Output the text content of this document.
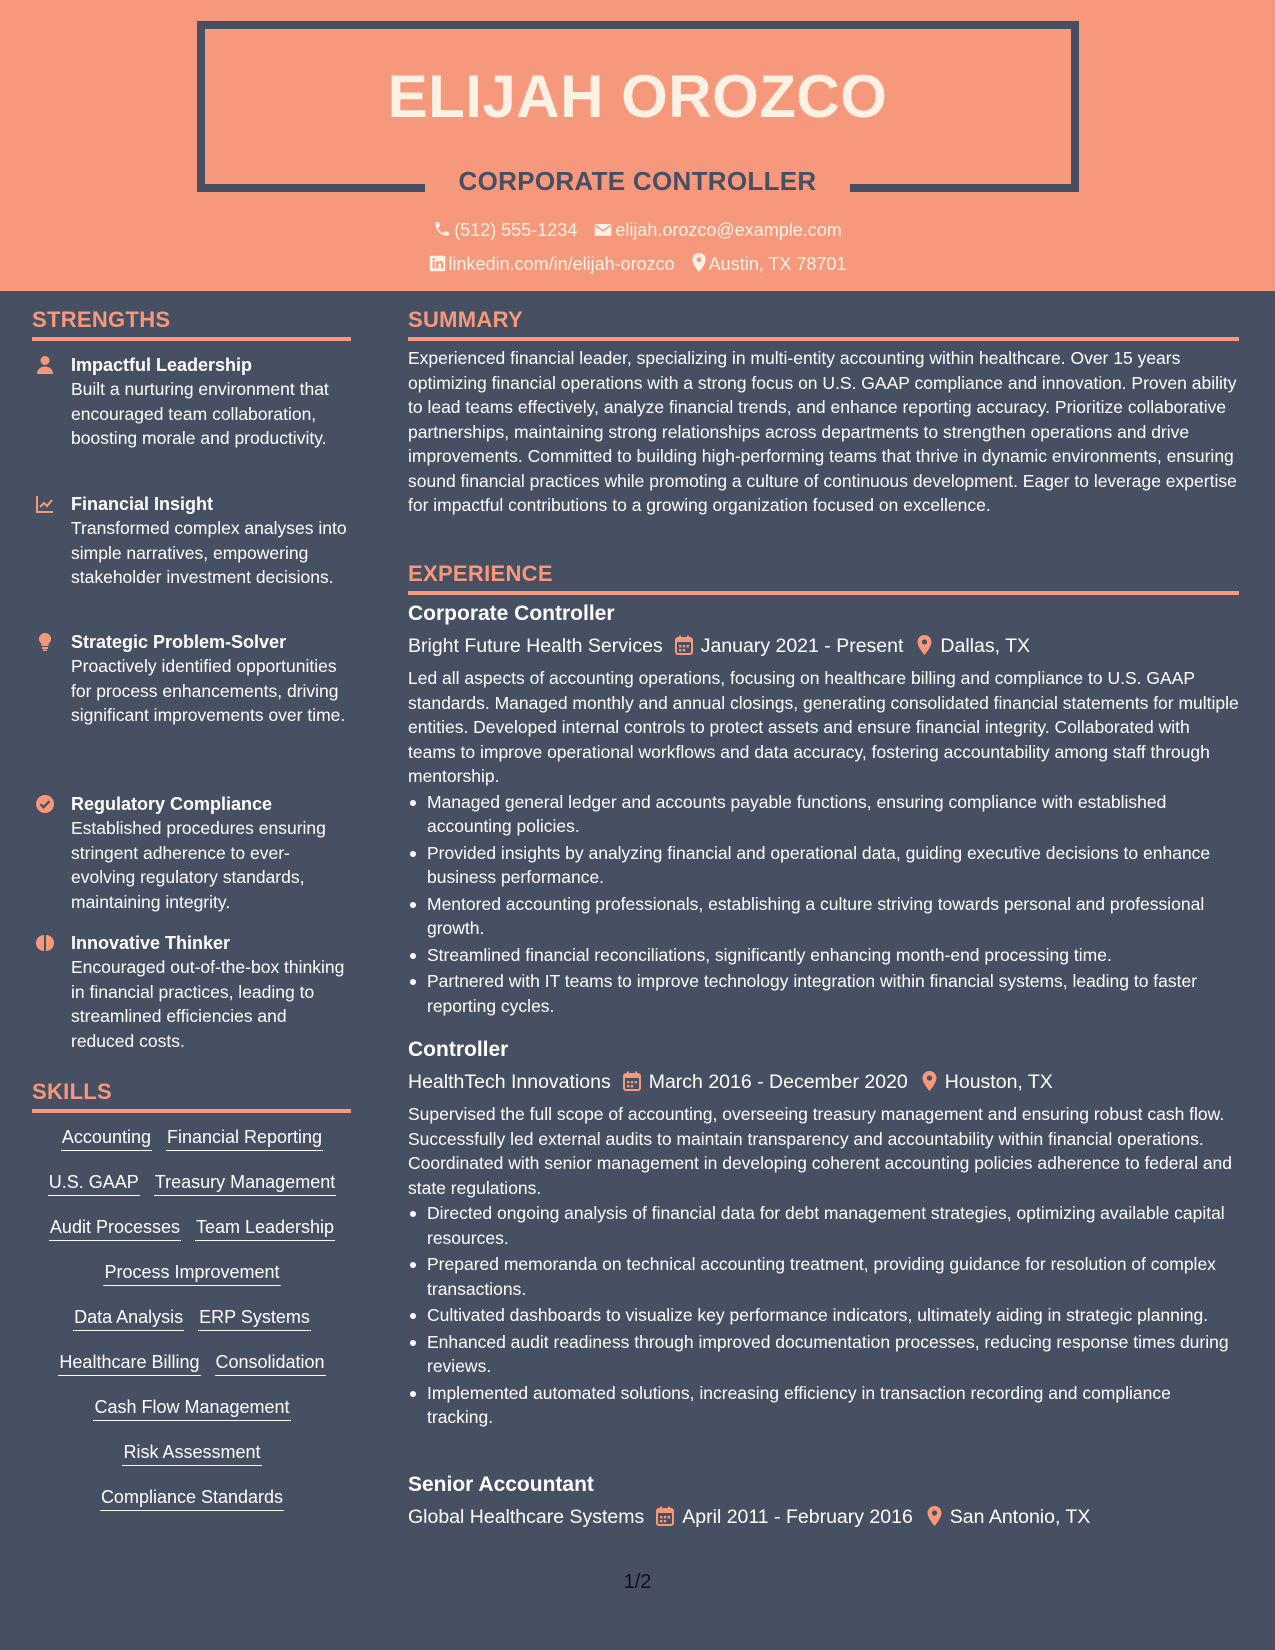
ELIJAH OROZCO
CORPORATE CONTROLLER
(512) 555-1234 elijah.orozco@example.com
linkedin.com/in/elijah-orozco Austin, TX 78701
STRENGTHS
Impactful Leadership
Built a nurturing environment that encouraged team collaboration, boosting morale and productivity.
Financial Insight
Transformed complex analyses into simple narratives, empowering stakeholder investment decisions.
Strategic Problem-Solver
Proactively identified opportunities for process enhancements, driving significant improvements over time.
Regulatory Compliance
Established procedures ensuring stringent adherence to ever-evolving regulatory standards, maintaining integrity.
Innovative Thinker
Encouraged out-of-the-box thinking in financial practices, leading to streamlined efficiencies and reduced costs.
SKILLS
Accounting Financial Reporting
U.S. GAAP Treasury Management
Audit Processes Team Leadership
Process Improvement
Data Analysis ERP Systems
Healthcare Billing Consolidation
Cash Flow Management
Risk Assessment
Compliance Standards
SUMMARY
Experienced financial leader, specializing in multi-entity accounting within healthcare. Over 15 years optimizing financial operations with a strong focus on U.S. GAAP compliance and innovation. Proven ability to lead teams effectively, analyze financial trends, and enhance reporting accuracy. Prioritize collaborative partnerships, maintaining strong relationships across departments to strengthen operations and drive improvements. Committed to building high-performing teams that thrive in dynamic environments, ensuring sound financial practices while promoting a culture of continuous development. Eager to leverage expertise for impactful contributions to a growing organization focused on excellence.
EXPERIENCE
Corporate Controller
Bright Future Health Services January 2021 - Present Dallas, TX
Led all aspects of accounting operations, focusing on healthcare billing and compliance to U.S. GAAP standards. Managed monthly and annual closings, generating consolidated financial statements for multiple entities. Developed internal controls to protect assets and ensure financial integrity. Collaborated with teams to improve operational workflows and data accuracy, fostering accountability among staff through mentorship.
Managed general ledger and accounts payable functions, ensuring compliance with established accounting policies.
Provided insights by analyzing financial and operational data, guiding executive decisions to enhance business performance.
Mentored accounting professionals, establishing a culture striving towards personal and professional growth.
Streamlined financial reconciliations, significantly enhancing month-end processing time.
Partnered with IT teams to improve technology integration within financial systems, leading to faster reporting cycles.
Controller
HealthTech Innovations March 2016 - December 2020 Houston, TX
Supervised the full scope of accounting, overseeing treasury management and ensuring robust cash flow. Successfully led external audits to maintain transparency and accountability within financial operations. Coordinated with senior management in developing coherent accounting policies adherence to federal and state regulations.
Directed ongoing analysis of financial data for debt management strategies, optimizing available capital resources.
Prepared memoranda on technical accounting treatment, providing guidance for resolution of complex transactions.
Cultivated dashboards to visualize key performance indicators, ultimately aiding in strategic planning.
Enhanced audit readiness through improved documentation processes, reducing response times during reviews.
Implemented automated solutions, increasing efficiency in transaction recording and compliance tracking.
Senior Accountant
Global Healthcare Systems April 2011 - February 2016 San Antonio, TX
1/2
